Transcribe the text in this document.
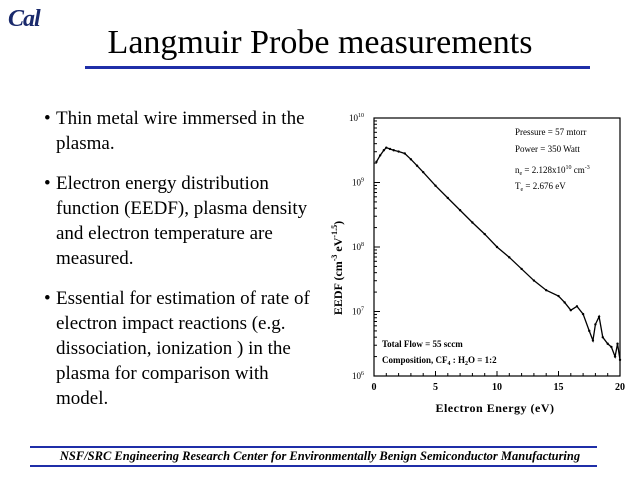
Cal
Langmuir Probe measurements
• Thin metal wire immersed in the plasma.
• Electron energy distribution function (EEDF), plasma density and electron temperature are measured.
• Essential for estimation of rate of electron impact reactions (e.g. dissociation, ionization ) in the plasma for comparison with model.
0	5	10	15	20
$10^6$
$10^7$
$10^8$
$10^9$
$10^{10}$
Electron Energy (eV)
EEDF ($cm^{-3}$ $eV^{-1.5}$)
Pressure = 57 mtorr
Power = 350 Watt
$n_e = 2.128x10^{10}$ $cm^{-3}$
$T_e = 2.676$ eV
Total Flow = 55 sccm
Composition, $CF_4$ : $H_2O$ = 1:2
NSF/SRC Engineering Research Center for Environmentally Benign Semiconductor Manufacturing
